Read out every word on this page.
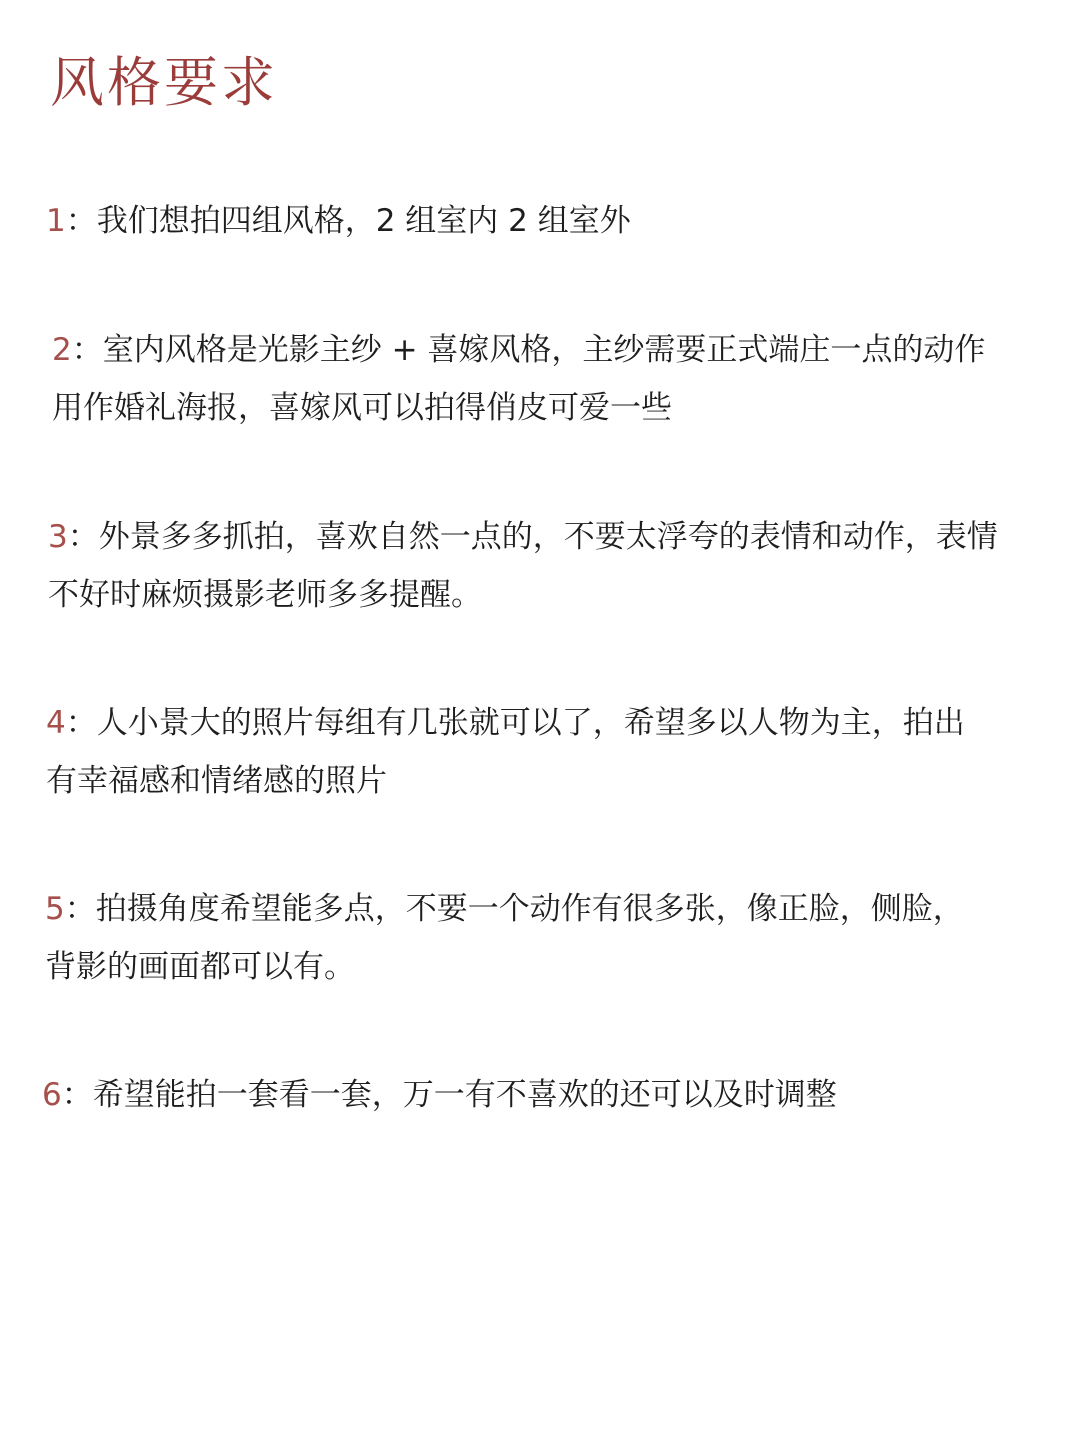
风格要求
1：我们想拍四组风格，2 组室内 2 组室外
2：室内风格是光影主纱 + 喜嫁风格，主纱需要正式端庄一点的动作
用作婚礼海报，喜嫁风可以拍得俏皮可爱一些
3：外景多多抓拍，喜欢自然一点的，不要太浮夸的表情和动作，表情
不好时麻烦摄影老师多多提醒。
4：人小景大的照片每组有几张就可以了，希望多以人物为主，拍出
有幸福感和情绪感的照片
5：拍摄角度希望能多点，不要一个动作有很多张，像正脸，侧脸，
背影的画面都可以有。
6：希望能拍一套看一套，万一有不喜欢的还可以及时调整
